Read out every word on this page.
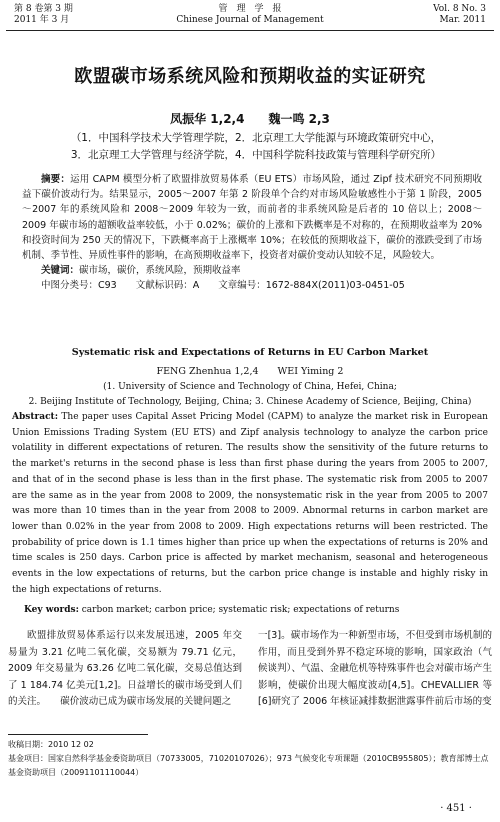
第 8 卷第 3 期
2011 年 3 月
管　理　学　报
Chinese Journal of Management
Vol. 8 No. 3
Mar. 2011
欧盟碳市场系统风险和预期收益的实证研究
凤振华 1,2,4　　魏一鸣 2,3
（1．中国科学技术大学管理学院，2．北京理工大学能源与环境政策研究中心，
3．北京理工大学管理与经济学院，4．中国科学院科技政策与管理科学研究所）
摘要：运用 CAPM 模型分析了欧盟排放贸易体系（EU ETS）市场风险，通过 Zipf 技术研究不同预期收益下碳价波动行为。结果显示，2005～2007 年第 2 阶段单个合约对市场风险敏感性小于第 1 阶段，2005～2007 年的系统风险和 2008～2009 年较为一致，而前者的非系统风险是后者的 10 倍以上；2008～2009 年碳市场的超额收益率较低，小于 0.02%；碳价的上涨和下跌概率是不对称的，在预期收益率为 20% 和投资时间为 250 天的情况下，下跌概率高于上涨概率 10%；在较低的预期收益下，碳价的涨跌受到了市场机制、季节性、异质性事件的影响，在高预期收益率下，投资者对碳价变动认知较不足，风险较大。
关键词：碳市场，碳价，系统风险，预期收益率
中图分类号：C93　　文献标识码：A　　文章编号：1672-884X(2011)03-0451-05
Systematic risk and Expectations of Returns in EU Carbon Market
FENG Zhenhua 1,2,4　　WEI Yiming 2
(1. University of Science and Technology of China, Hefei, China;
2. Beijing Institute of Technology, Beijing, China; 3. Chinese Academy of Science, Beijing, China)
Abstract: The paper uses Capital Asset Pricing Model (CAPM) to analyze the market risk in European Union Emissions Trading System (EU ETS) and Zipf analysis technology to analyze the carbon price volatility in different expectations of returen. The results show the sensitivity of the future returns to the market's returns in the second phase is less than first phase during the years from 2005 to 2007, and that of in the second phase is less than in the first phase. The systematic risk from 2005 to 2007 are the same as in the year from 2008 to 2009, the nonsystematic risk in the year from 2005 to 2007 was more than 10 times than in the year from 2008 to 2009. Abnormal returns in carbon market are lower than 0.02% in the year from 2008 to 2009. High expectations returns will been restricted. The probability of price down is 1.1 times higher than price up when the expectations of returns is 20% and time scales is 250 days. Carbon price is affected by market mechanism, seasonal and heterogeneous events in the low expectations of returns, but the carbon price change is instable and highly risky in the high expectations of returns.
Key words: carbon market; carbon price; systematic risk; expectations of returns
欧盟排放贸易体系运行以来发展迅速，2005 年交易量为 3.21 亿吨二氧化碳，交易额为 79.71 亿元，2009 年交易量为 63.26 亿吨二氧化碳，交易总值达到了 1 184.74 亿美元[1,2]。日益增长的碳市场受到人们的关注。　　碳价波动已成为碳市场发展的关键问题之
一[3]。碳市场作为一种新型市场，不但受到市场机制的作用，而且受到外界不稳定环境的影响，国家政治（气候谈判）、气温、金融危机等特殊事件也会对碳市场产生影响，使碳价出现大幅度波动[4,5]。CHEVALLIER 等[6]研究了 2006 年核证减排数据泄露事件前后市场的变
收稿日期：2010 12 02
基金项目：国家自然科学基金委资助项目（70733005，71020107026）；973 气候变化专项课题（2010CB955805）；教育部博士点基金资助项目（20091101110044）
· 451 ·
